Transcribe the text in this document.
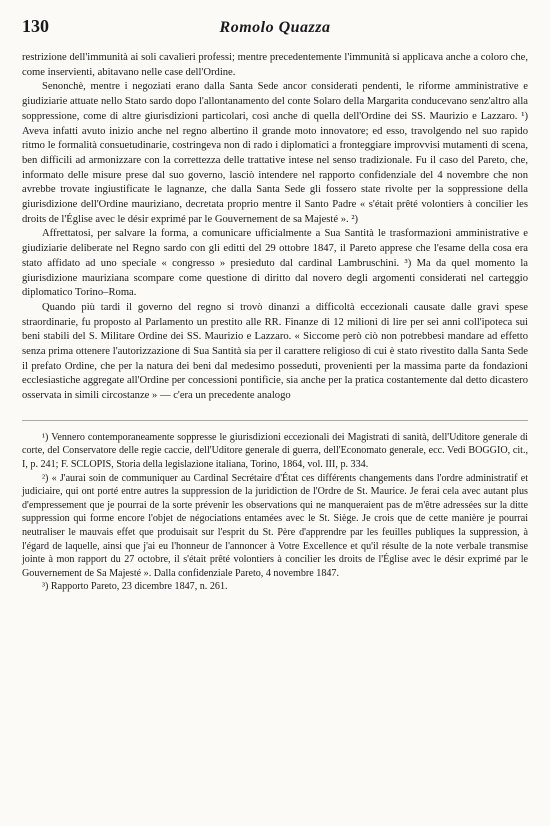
130	Romolo Quazza

restrizione dell'immunità ai soli cavalieri professi; mentre precedentemente l'immunità si applicava anche a coloro che, come inservienti, abitavano nelle case dell'Ordine.

Senonchè, mentre i negoziati erano dalla Santa Sede ancor considerati pendenti, le riforme amministrative e giudiziarie attuate nello Stato sardo dopo l'allontanamento del conte Solaro della Margarita conducevano senz'altro alla soppressione, come di altre giurisdizioni particolari, così anche di quella dell'Ordine dei SS. Maurizio e Lazzaro. ¹) Aveva infatti avuto inizio anche nel regno albertino il grande moto innovatore; ed esso, travolgendo nel suo rapido ritmo le formalità consuetudinarie, costringeva non di rado i diplomatici a fronteggiare improvvisi mutamenti di scena, ben difficili ad armonizzare con la correttezza delle trattative intese nel senso tradizionale. Fu il caso del Pareto, che, informato delle misure prese dal suo governo, lasciò intendere nel rapporto confidenziale del 4 novembre che non avrebbe trovate ingiustificate le lagnanze, che dalla Santa Sede gli fossero state rivolte per la soppressione della giurisdizione dell'Ordine mauriziano, decretata proprio mentre il Santo Padre « s'était prêté volontiers à concilier les droits de l'Église avec le désir exprimé par le Gouvernement de sa Majesté ». ²)

Affrettatosi, per salvare la forma, a comunicare ufficialmente a Sua Santità le trasformazioni amministrative e giudiziarie deliberate nel Regno sardo con gli editti del 29 ottobre 1847, il Pareto apprese che l'esame della cosa era stato affidato ad uno speciale « congresso » presieduto dal cardinal Lambruschini. ³) Ma da quel momento la giurisdizione mauriziana scompare come questione di diritto dal novero degli argomenti considerati nel carteggio diplomatico Torino–Roma.

Quando più tardi il governo del regno si trovò dinanzi a difficoltà eccezionali causate dalle gravi spese straordinarie, fu proposto al Parlamento un prestito alle RR. Finanze di 12 milioni di lire per sei anni coll'ipoteca sui beni stabili del S. Militare Ordine dei SS. Maurizio e Lazzaro. « Siccome però ciò non potrebbesi mandare ad effetto senza prima ottenere l'autorizzazione di Sua Santità sia per il carattere religioso di cui è stato rivestito dalla Santa Sede il prefato Ordine, che per la natura dei beni dal medesimo posseduti, provenienti per la massima parte da fondazioni ecclesiastiche aggregate all'Ordine per concessioni pontificie, sia anche per la pratica costantemente dal detto dicastero osservata in simili circostanze » — c'era un precedente analogo

¹) Vennero contemporaneamente soppresse le giurisdizioni eccezionali dei Magistrati di sanità, dell'Uditore generale di corte, del Conservatore delle regie caccie, dell'Uditore generale di guerra, dell'Economato generale, ecc. Vedi BOGGIO, cit., I, p. 241; F. SCLOPIS, Storia della legislazione italiana, Torino, 1864, vol. III, p. 334.

²) « J'aurai soin de communiquer au Cardinal Secrétaire d'État ces différents changements dans l'ordre administratif et judiciaire, qui ont porté entre autres la suppression de la juridiction de l'Ordre de St. Maurice. Je ferai cela avec autant plus d'empressement que je pourrai de la sorte prévenir les observations qui ne manqueraient pas de m'être adressées sur la ditte suppression qui forme encore l'objet de négociations entamées avec le St. Siège. Je crois que de cette manière je pourrai neutraliser le mauvais effet que produisait sur l'esprit du St. Père d'apprendre par les feuilles publiques la suppression, à l'égard de laquelle, ainsi que j'ai eu l'honneur de l'annoncer à Votre Excellence et qu'il résulte de la note verbale transmise jointe à mon rapport du 27 octobre, il s'était prêté volontiers à concilier les droits de l'Église avec le désir exprimé par le Gouvernement de Sa Majesté ». Dalla confidenziale Pareto, 4 novembre 1847.

³) Rapporto Pareto, 23 dicembre 1847, n. 261.
